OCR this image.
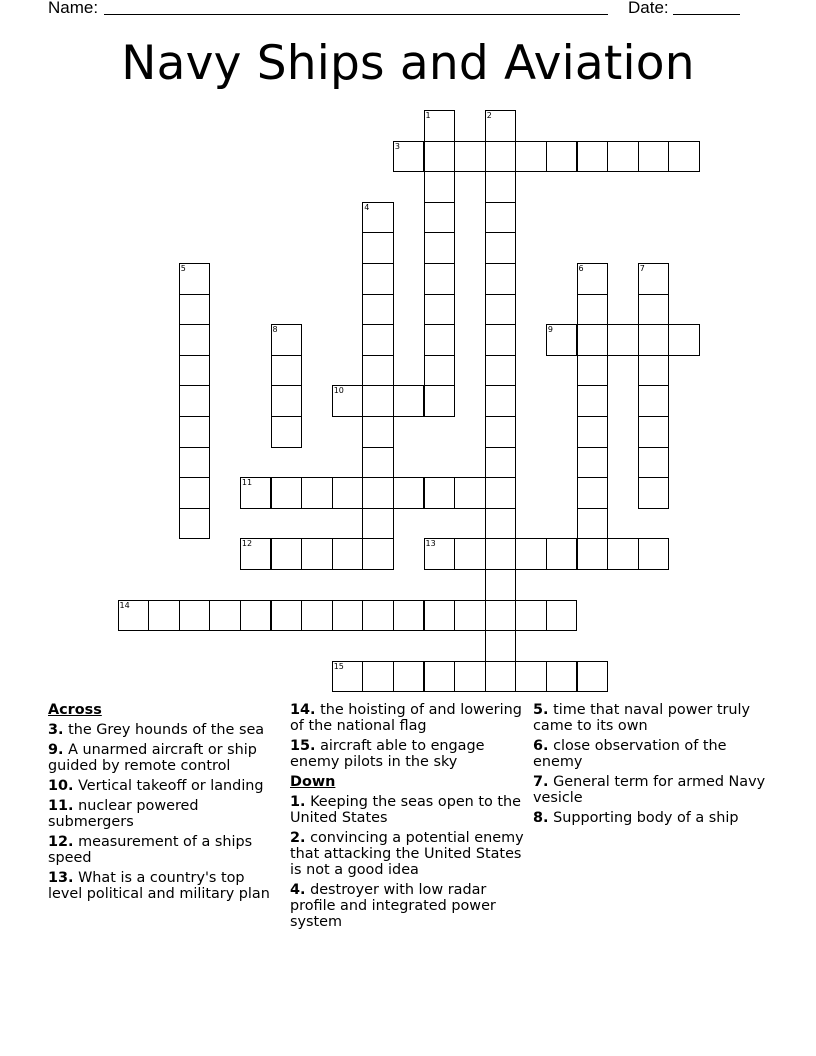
Name:	Date:
Navy Ships and Aviation
1	2
3
4
5	6	7
8	9
10
11
12	13
14
15
Across
3. the Grey hounds of the sea
9. A unarmed aircraft or ship guided by remote control
10. Vertical takeoff or landing
11. nuclear powered submergers
12. measurement of a ships speed
13. What is a country's top level political and military plan
14. the hoisting of and lowering of the national flag
15. aircraft able to engage enemy pilots in the sky
Down
1. Keeping the seas open to the United States
2. convincing a potential enemy that attacking the United States is not a good idea
4. destroyer with low radar profile and integrated power system
5. time that naval power truly came to its own
6. close observation of the enemy
7. General term for armed Navy vesicle
8. Supporting body of a ship
